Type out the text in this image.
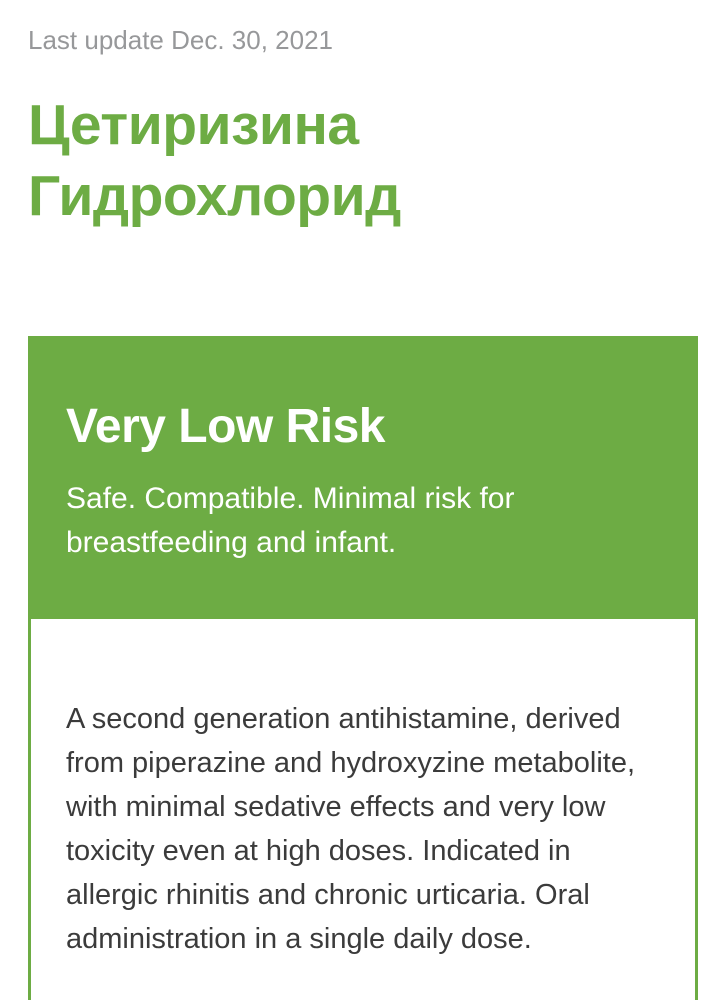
Last update Dec. 30, 2021
Цетиризина Гидрохлорид
Very Low Risk

Safe. Compatible. Minimal risk for breastfeeding and infant.

A second generation antihistamine, derived from piperazine and hydroxyzine metabolite, with minimal sedative effects and very low toxicity even at high doses. Indicated in allergic rhinitis and chronic urticaria. Oral administration in a single daily dose.
